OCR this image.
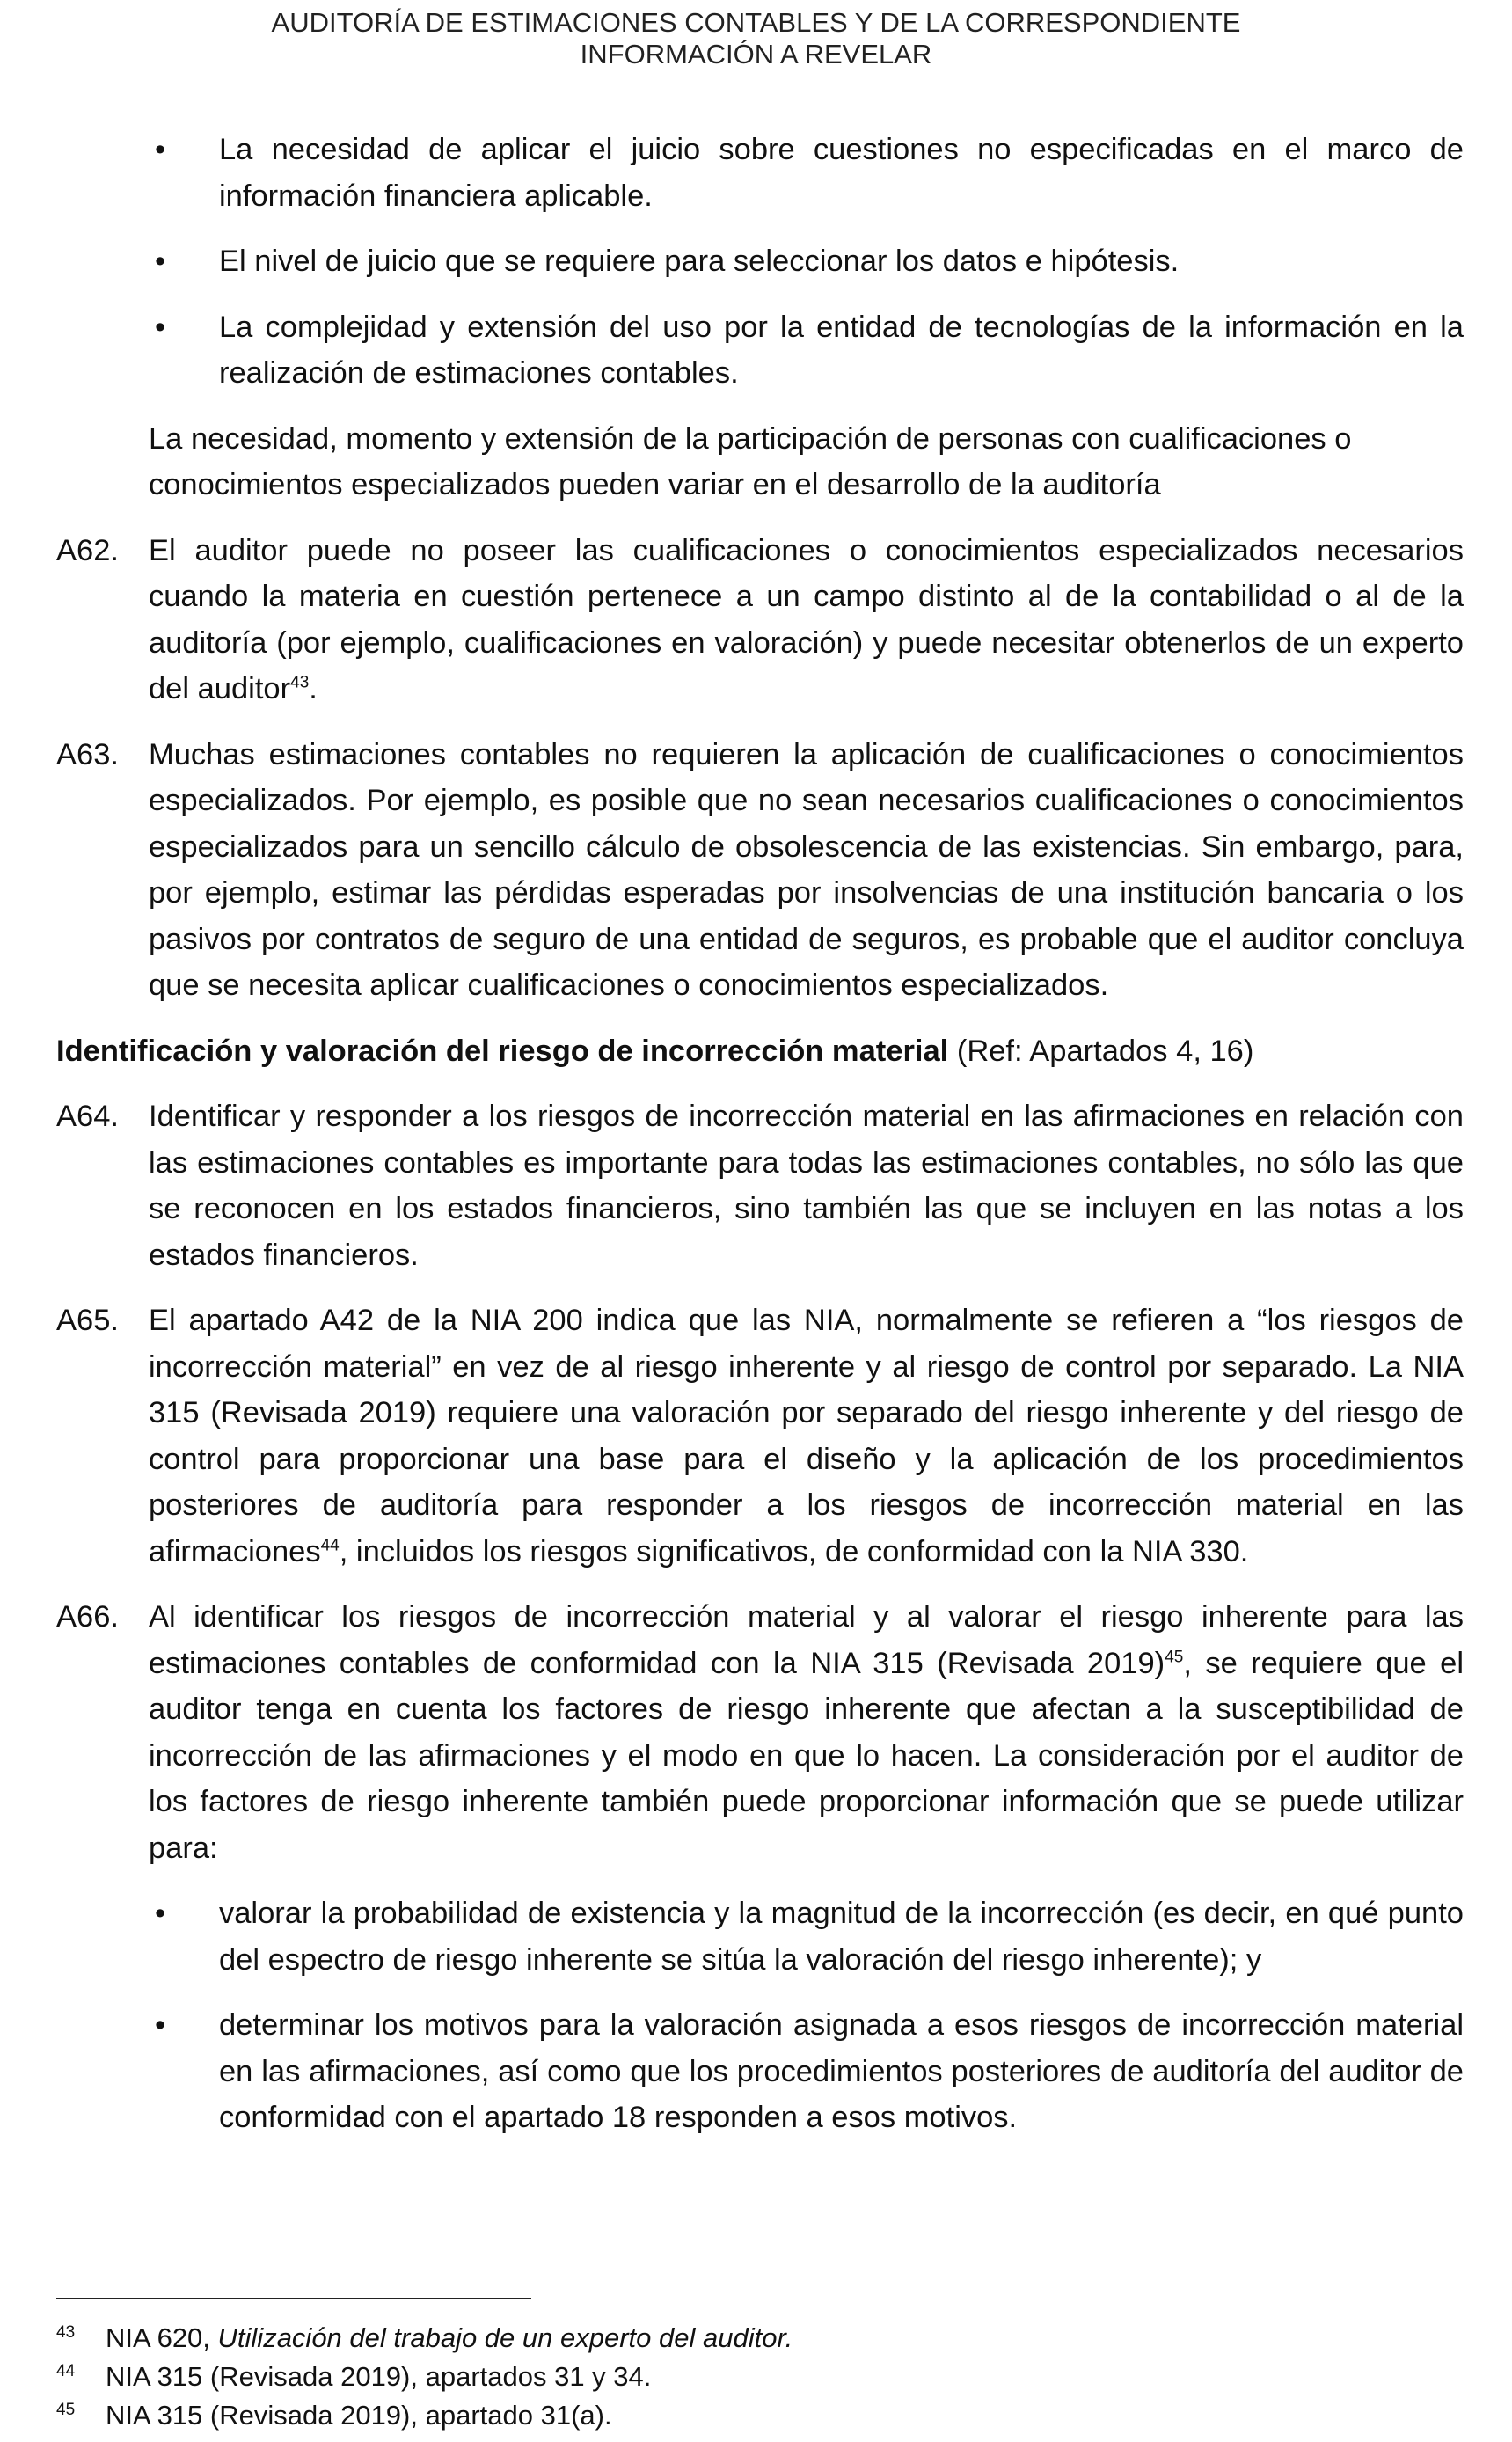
AUDITORÍA DE ESTIMACIONES CONTABLES Y DE LA CORRESPONDIENTE
INFORMACIÓN A REVELAR
• La necesidad de aplicar el juicio sobre cuestiones no especificadas en el marco de información financiera aplicable.
• El nivel de juicio que se requiere para seleccionar los datos e hipótesis.
• La complejidad y extensión del uso por la entidad de tecnologías de la información en la realización de estimaciones contables.
La necesidad, momento y extensión de la participación de personas con cualificaciones o conocimientos especializados pueden variar en el desarrollo de la auditoría
A62. El auditor puede no poseer las cualificaciones o conocimientos especializados necesarios cuando la materia en cuestión pertenece a un campo distinto al de la contabilidad o al de la auditoría (por ejemplo, cualificaciones en valoración) y puede necesitar obtenerlos de un experto del auditor$^{43}$.
A63. Muchas estimaciones contables no requieren la aplicación de cualificaciones o conocimientos especializados. Por ejemplo, es posible que no sean necesarios cualificaciones o conocimientos especializados para un sencillo cálculo de obsolescencia de las existencias. Sin embargo, para, por ejemplo, estimar las pérdidas esperadas por insolvencias de una institución bancaria o los pasivos por contratos de seguro de una entidad de seguros, es probable que el auditor concluya que se necesita aplicar cualificaciones o conocimientos especializados.
Identificación y valoración del riesgo de incorrección material (Ref: Apartados 4, 16)
A64. Identificar y responder a los riesgos de incorrección material en las afirmaciones en relación con las estimaciones contables es importante para todas las estimaciones contables, no sólo las que se reconocen en los estados financieros, sino también las que se incluyen en las notas a los estados financieros.
A65. El apartado A42 de la NIA 200 indica que las NIA, normalmente se refieren a “los riesgos de incorrección material” en vez de al riesgo inherente y al riesgo de control por separado. La NIA 315 (Revisada 2019) requiere una valoración por separado del riesgo inherente y del riesgo de control para proporcionar una base para el diseño y la aplicación de los procedimientos posteriores de auditoría para responder a los riesgos de incorrección material en las afirmaciones$^{44}$, incluidos los riesgos significativos, de conformidad con la NIA 330.
A66. Al identificar los riesgos de incorrección material y al valorar el riesgo inherente para las estimaciones contables de conformidad con la NIA 315 (Revisada 2019)$^{45}$, se requiere que el auditor tenga en cuenta los factores de riesgo inherente que afectan a la susceptibilidad de incorrección de las afirmaciones y el modo en que lo hacen. La consideración por el auditor de los factores de riesgo inherente también puede proporcionar información que se puede utilizar para:
• valorar la probabilidad de existencia y la magnitud de la incorrección (es decir, en qué punto del espectro de riesgo inherente se sitúa la valoración del riesgo inherente); y
• determinar los motivos para la valoración asignada a esos riesgos de incorrección material en las afirmaciones, así como que los procedimientos posteriores de auditoría del auditor de conformidad con el apartado 18 responden a esos motivos.
43 NIA 620, Utilización del trabajo de un experto del auditor.
44 NIA 315 (Revisada 2019), apartados 31 y 34.
45 NIA 315 (Revisada 2019), apartado 31(a).
